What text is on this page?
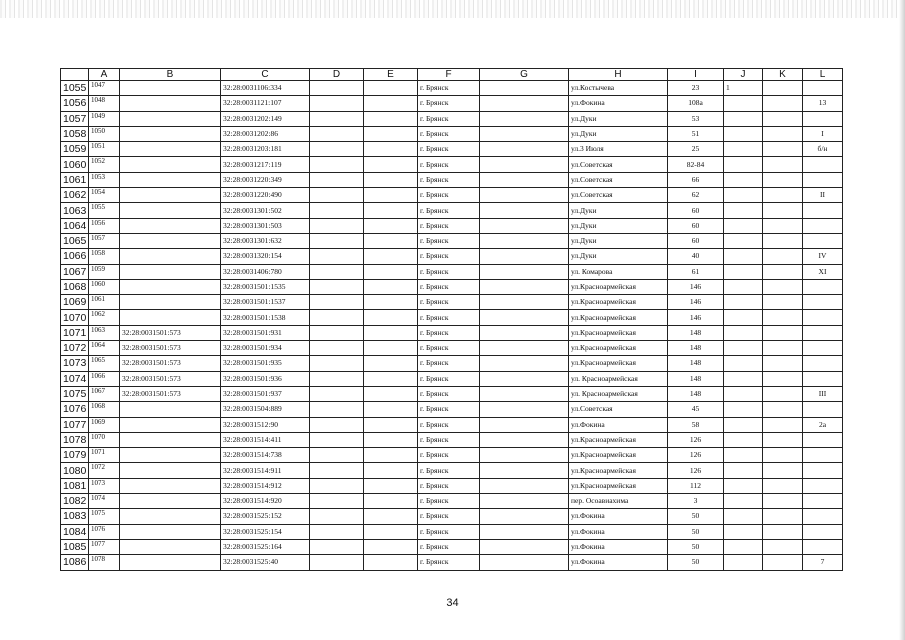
	A	B	C	D	E	F	G	H	I	J	K	L
1055	1047		32:28:0031106:334			г. Брянск		ул.Костычева	23	1		
1056	1048		32:28:0031121:107			г. Брянск		ул.Фокина	108а			13
1057	1049		32:28:0031202:149			г. Брянск		ул.Дуки	53			
1058	1050		32:28:0031202:86			г. Брянск		ул.Дуки	51			I
1059	1051		32:28:0031203:181			г. Брянск		ул.3 Июля	25			б/н
1060	1052		32:28:0031217:119			г. Брянск		ул.Советская	82-84			
1061	1053		32:28:0031220:349			г. Брянск		ул.Советская	66			
1062	1054		32:28:0031220:490			г. Брянск		ул.Советская	62			II
1063	1055		32:28:0031301:502			г. Брянск		ул.Дуки	60			
1064	1056		32:28:0031301:503			г. Брянск		ул.Дуки	60			
1065	1057		32:28:0031301:632			г. Брянск		ул.Дуки	60			
1066	1058		32:28:0031320:154			г. Брянск		ул.Дуки	40			IV
1067	1059		32:28:0031406:780			г. Брянск		ул. Комарова	61			XI
1068	1060		32:28:0031501:1535			г. Брянск		ул.Красноармейская	146			
1069	1061		32:28:0031501:1537			г. Брянск		ул.Красноармейская	146			
1070	1062		32:28:0031501:1538			г. Брянск		ул.Красноармейская	146			
1071	1063	32:28:0031501:573	32:28:0031501:931			г. Брянск		ул.Красноармейская	148			
1072	1064	32:28:0031501:573	32:28:0031501:934			г. Брянск		ул.Красноармейская	148			
1073	1065	32:28:0031501:573	32:28:0031501:935			г. Брянск		ул.Красноармейская	148			
1074	1066	32:28:0031501:573	32:28:0031501:936			г. Брянск		ул. Красноармейская	148			
1075	1067	32:28:0031501:573	32:28:0031501:937			г. Брянск		ул. Красноармейская	148			III
1076	1068		32:28:0031504:889			г. Брянск		ул.Советская	45			
1077	1069		32:28:0031512:90			г. Брянск		ул.Фокина	58			2а
1078	1070		32:28:0031514:411			г. Брянск		ул.Красноармейская	126			
1079	1071		32:28:0031514:738			г. Брянск		ул.Красноармейская	126			
1080	1072		32:28:0031514:911			г. Брянск		ул.Красноармейская	126			
1081	1073		32:28:0031514:912			г. Брянск		ул.Красноармейская	112			
1082	1074		32:28:0031514:920			г. Брянск		пер. Осоавиахима	3			
1083	1075		32:28:0031525:152			г. Брянск		ул.Фокина	50			
1084	1076		32:28:0031525:154			г. Брянск		ул.Фокина	50			
1085	1077		32:28:0031525:164			г. Брянск		ул.Фокина	50			
1086	1078		32:28:0031525:40			г. Брянск		ул.Фокина	50			7
34
